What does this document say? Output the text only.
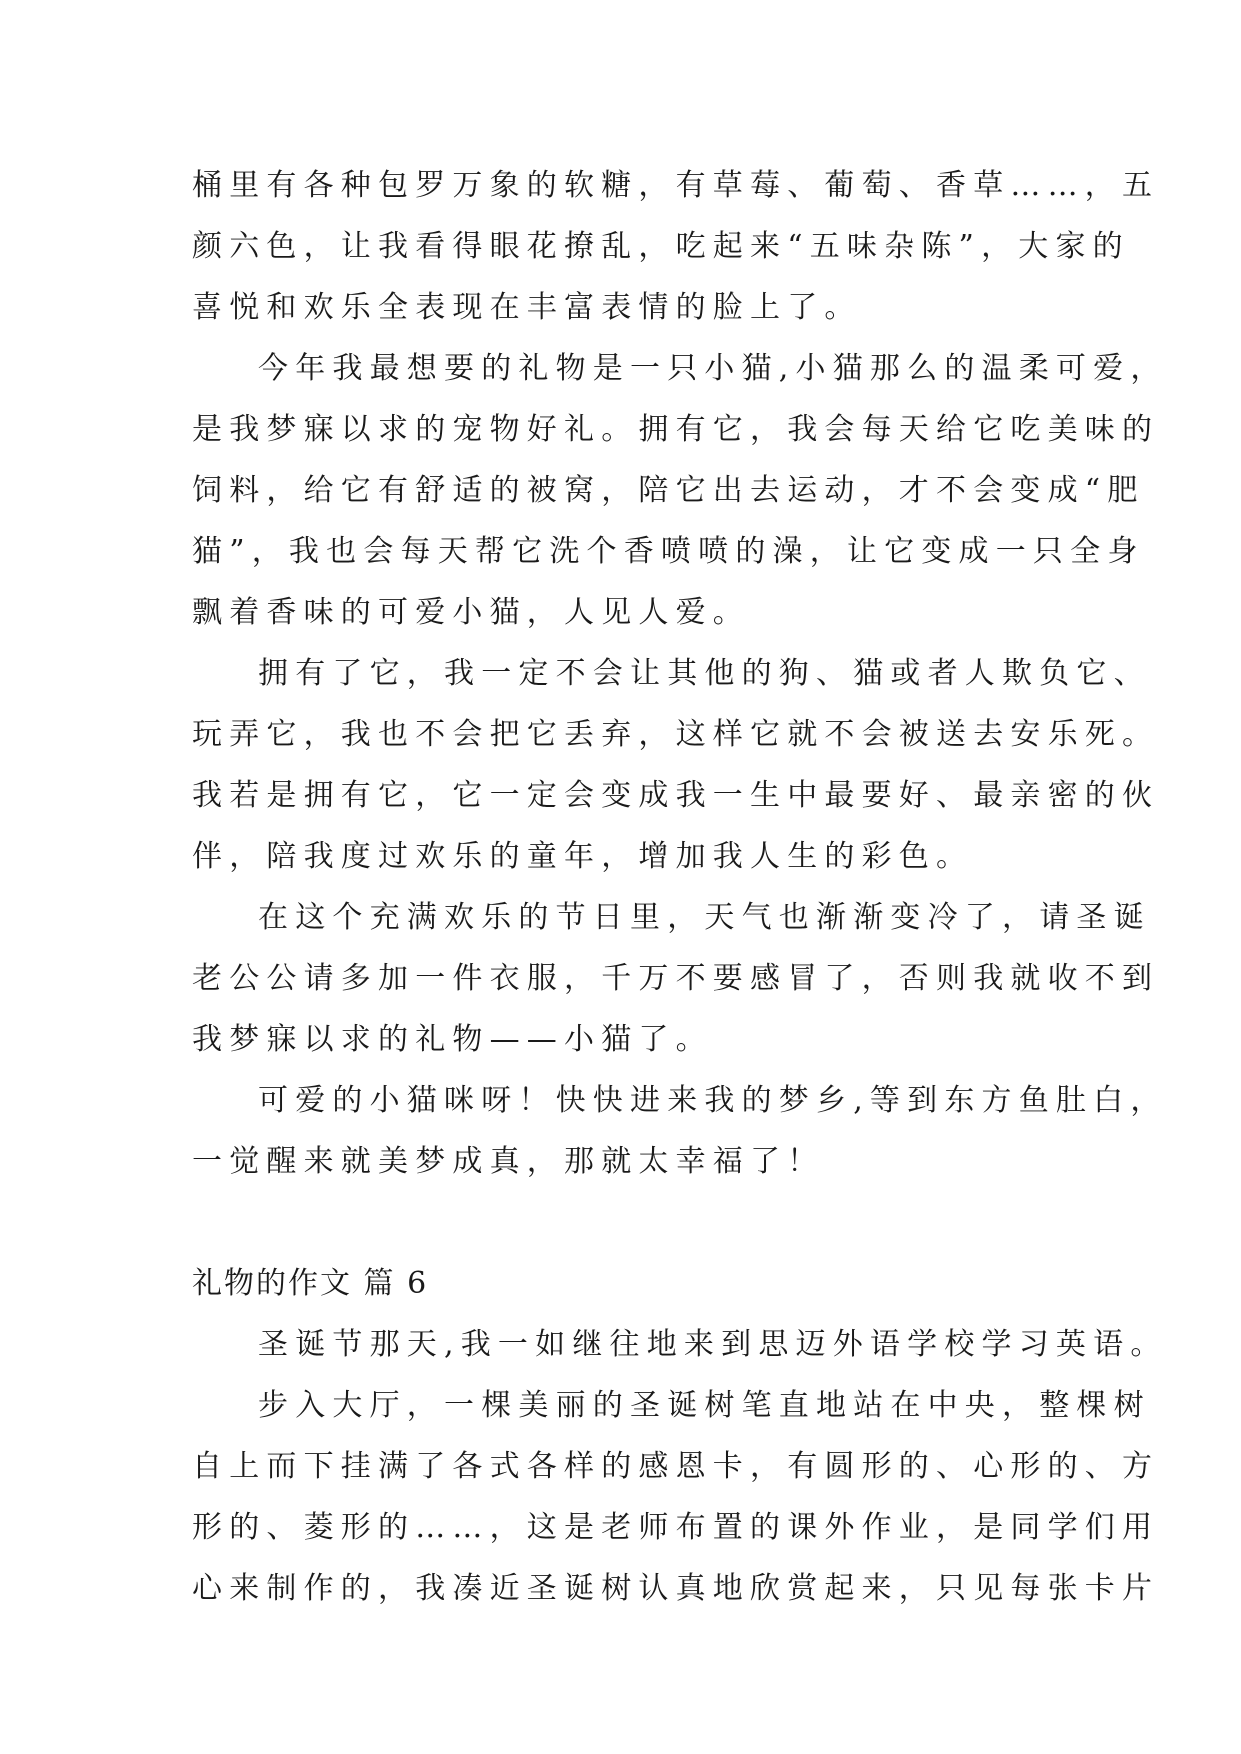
桶里有各种包罗万象的软糖，有草莓、葡萄、香草……，五
颜六色，让我看得眼花撩乱，吃起来“五味杂陈”，大家的
喜悦和欢乐全表现在丰富表情的脸上了。
今年我最想要的礼物是一只小猫,小猫那么的温柔可爱，
是我梦寐以求的宠物好礼。拥有它，我会每天给它吃美味的
饲料，给它有舒适的被窝，陪它出去运动，才不会变成“肥
猫”，我也会每天帮它洗个香喷喷的澡，让它变成一只全身
飘着香味的可爱小猫，人见人爱。
拥有了它，我一定不会让其他的狗、猫或者人欺负它、
玩弄它，我也不会把它丢弃，这样它就不会被送去安乐死。
我若是拥有它，它一定会变成我一生中最要好、最亲密的伙
伴，陪我度过欢乐的童年，增加我人生的彩色。
在这个充满欢乐的节日里，天气也渐渐变冷了，请圣诞
老公公请多加一件衣服，千万不要感冒了，否则我就收不到
我梦寐以求的礼物——小猫了。
可爱的小猫咪呀！快快进来我的梦乡,等到东方鱼肚白，
一觉醒来就美梦成真，那就太幸福了！
礼物的作文 篇 6
圣诞节那天,我一如继往地来到思迈外语学校学习英语。
步入大厅，一棵美丽的圣诞树笔直地站在中央，整棵树
自上而下挂满了各式各样的感恩卡，有圆形的、心形的、方
形的、菱形的……，这是老师布置的课外作业，是同学们用
心来制作的，我凑近圣诞树认真地欣赏起来，只见每张卡片
